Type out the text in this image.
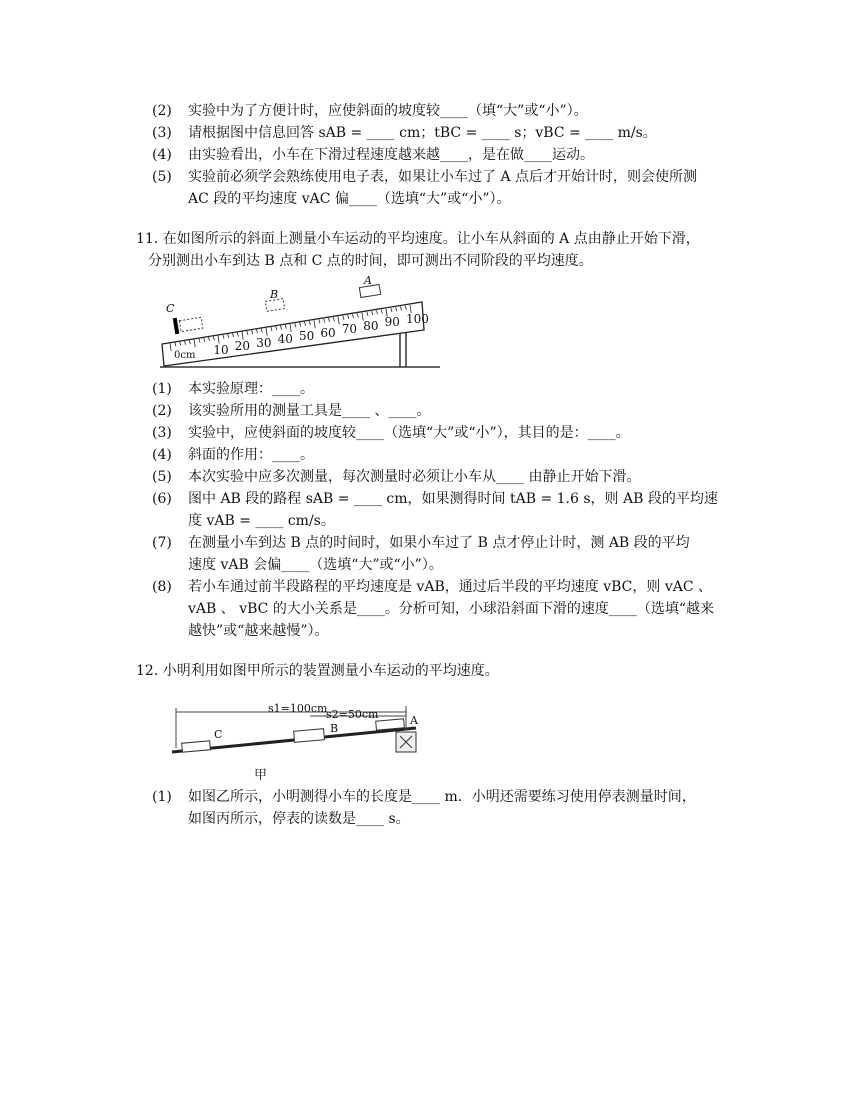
(2)	实验中为了方便计时，应使斜面的坡度较____（填“大”或“小”）。
(3)	请根据图中信息回答 sAB = ____ cm；tBC = ____ s；vBC = ____ m/s。
(4)	由实验看出，小车在下滑过程速度越来越____，是在做____运动。
(5)	实验前必须学会熟练使用电子表，如果让小车过了 A 点后才开始计时，则会使所测
AC 段的平均速度 vAC 偏____（选填“大”或“小”）。
11. 在如图所示的斜面上测量小车运动的平均速度。让小车从斜面的 A 点由静止开始下滑，
分别测出小车到达 B 点和 C 点的时间，即可测出不同阶段的平均速度。
C
B
A
0cm 10 20 30 40 50 60 70 80 90 100
(1)	本实验原理：____。
(2)	该实验所用的测量工具是____ 、____。
(3)	实验中，应使斜面的坡度较____（选填“大”或“小”），其目的是：____。
(4)	斜面的作用：____。
(5)	本次实验中应多次测量，每次测量时必须让小车从____ 由静止开始下滑。
(6)	图中 AB 段的路程 sAB = ____ cm，如果测得时间 tAB = 1.6 s，则 AB 段的平均速
度 vAB = ____ cm/s。
(7)	在测量小车到达 B 点的时间时，如果小车过了 B 点才停止计时，测 AB 段的平均
速度 vAB 会偏____（选填“大”或“小”）。
(8)	若小车通过前半段路程的平均速度是 vAB，通过后半段的平均速度 vBC，则 vAC 、
vAB 、 vBC 的大小关系是____。分析可知，小球沿斜面下滑的速度____（选填“越来
越快”或“越来越慢”）。
12. 小明利用如图甲所示的装置测量小车运动的平均速度。
s1=100cm
s2=50cm
C	B
A
甲
(1)	如图乙所示，小明测得小车的长度是____ m．小明还需要练习使用停表测量时间，
如图丙所示，停表的读数是____ s。
